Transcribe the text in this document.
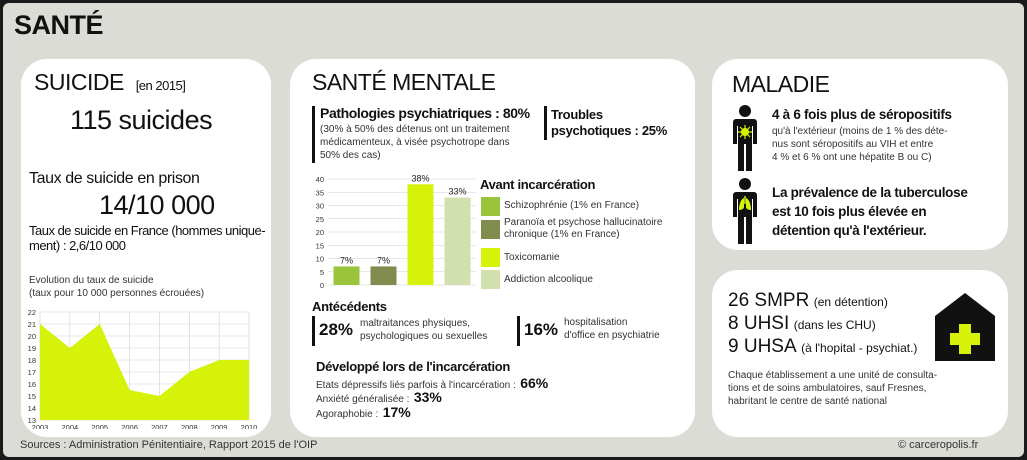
SANTÉ
SUICIDE [en 2015]
115 suicides
Taux de suicide en prison
14/10 000
Taux de suicide en France (hommes unique-
ment) : 2,6/10 000
Evolution du taux de suicide
(taux pour 10 000 personnes écrouées)
22
21
20
19
18
17
16
15
14
13
2003 2004 2005 2006 2007 2008 2009 2010
SANTÉ MENTALE
Pathologies psychiatriques : 80%
(30% à 50% des détenus ont un traitement
médicamenteux, à visée psychotrope dans
50% des cas)
Troubles
psychotiques : 25%
40
35
30
25
20
15
10
5
0
7%	7%
38%
33% Avant incarcération
Schizophrénie (1% en France)
Paranoïa et psychose hallucinatoire
chronique (1% en France)
Toxicomanie
Addiction alcoolique
Antécédents
28% maltraitances physiques,
psychologiques ou sexuelles 16% hospitalisation
d'office en psychiatrie
Développé lors de l'incarcération
Etats dépressifs liés parfois à l'incarcération : 66%
Anxiété généralisée : 33%
Agoraphobie : 17%
MALADIE
4 à 6 fois plus de séropositifs
qu'à l'extérieur (moins de 1 % des déte-
nus sont séropositifs au VIH et entre
4 % et 6 % ont une hépatite B ou C)
La prévalence de la tuberculose
est 10 fois plus élevée en
détention qu'à l'extérieur.
26 SMPR (en détention)
8 UHSI (dans les CHU)
9 UHSA (à l'hopital - psychiat.)
Chaque établissement a une unité de consulta-
tions et de soins ambulatoires, sauf Fresnes,
habritant le centre de santé national
Sources : Administration Pénitentiaire, Rapport 2015 de l'OIP	© carceropolis.fr
